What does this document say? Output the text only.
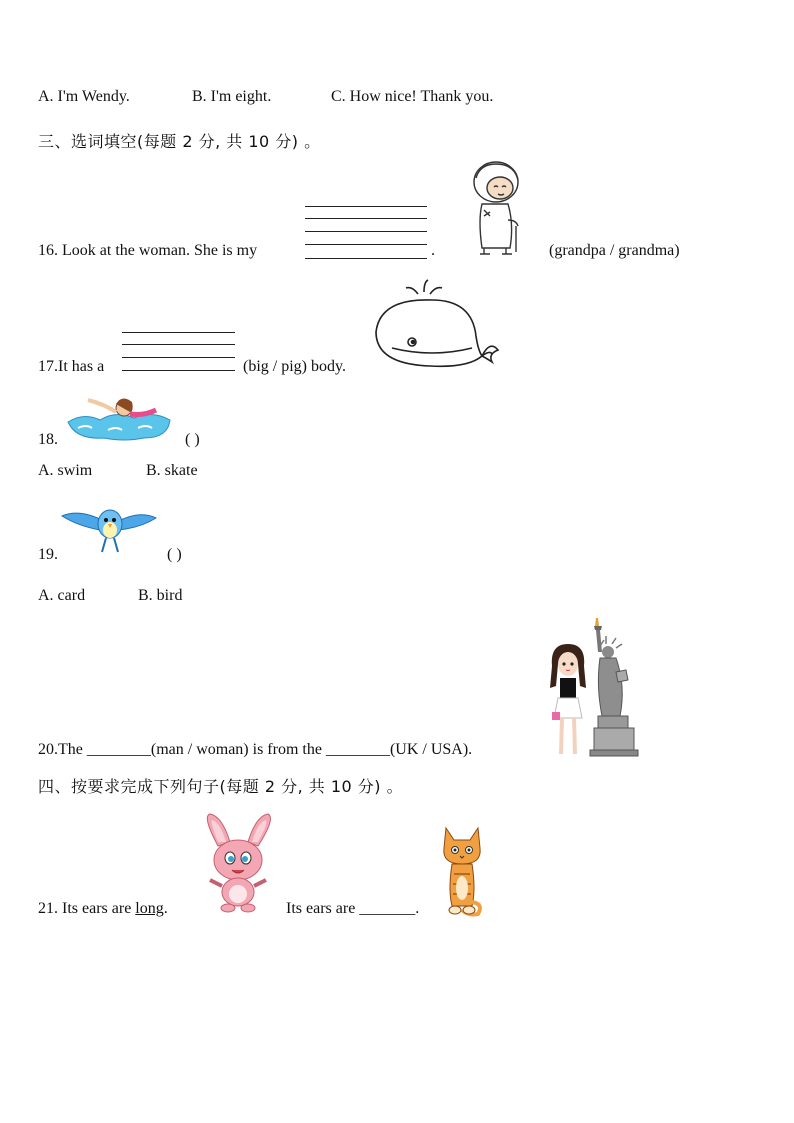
A. I'm Wendy.	B. I'm eight.	C. How nice! Thank you.
三、选词填空(每题 2 分, 共 10 分) 。
16. Look at the woman. She is my	.	(grandpa / grandma)
17.It has a	(big / pig) body.
18.	( )
A. swim	B. skate
19.	( )
A. card	B. bird
20.The ________(man / woman) is from the ________(UK / USA).
四、按要求完成下列句子(每题 2 分, 共 10 分) 。
21. Its ears are long.	Its ears are _______.
